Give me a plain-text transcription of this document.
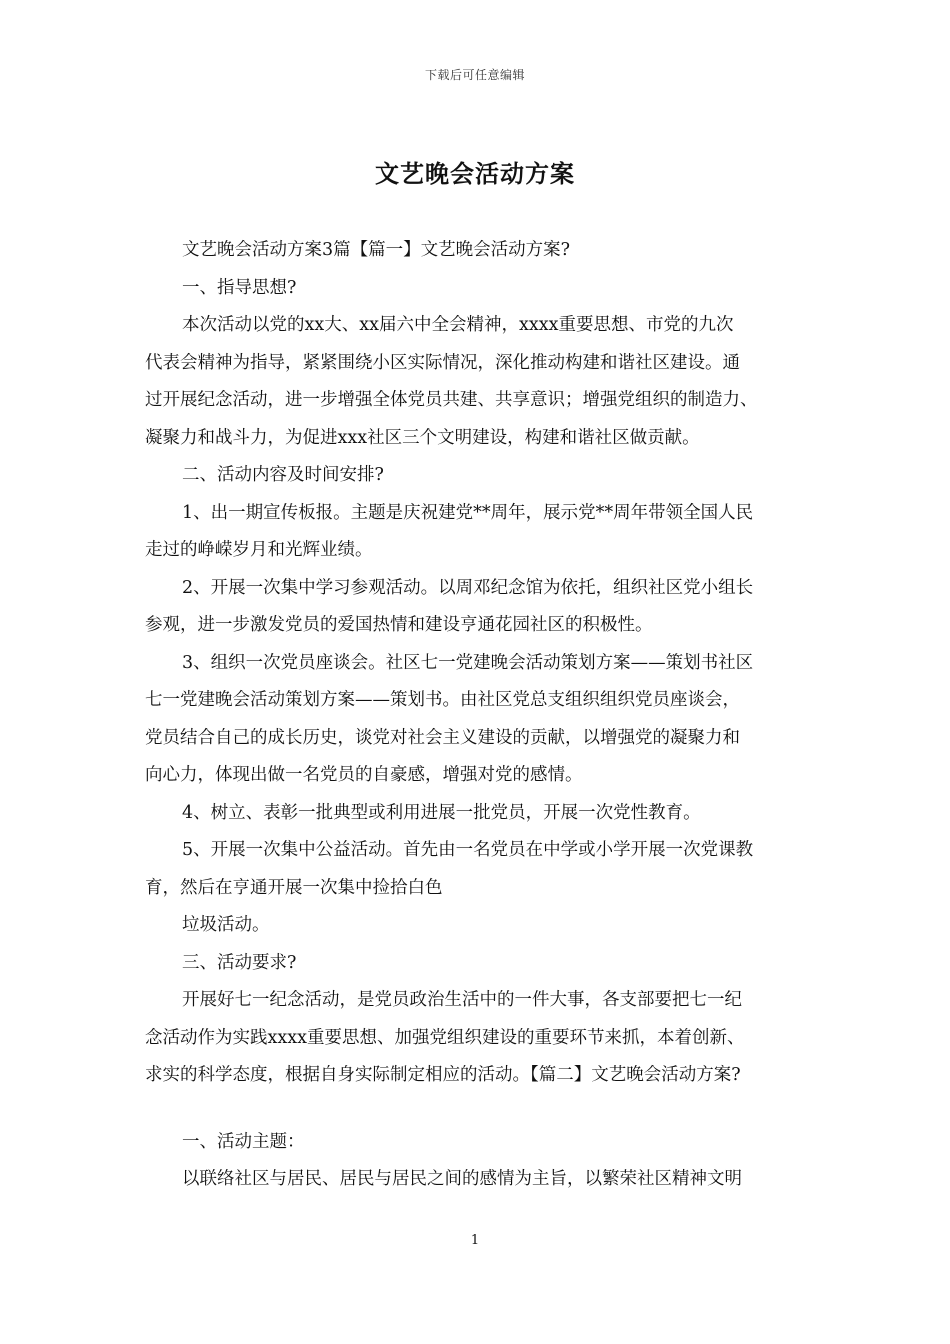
下载后可任意编辑
文艺晚会活动方案
文艺晚会活动方案3篇【篇一】文艺晚会活动方案?
一、指导思想?
本次活动以党的xx大、xx届六中全会精神，xxxx重要思想、市党的九次
代表会精神为指导，紧紧围绕小区实际情况，深化推动构建和谐社区建设。通
过开展纪念活动，进一步增强全体党员共建、共享意识；增强党组织的制造力、
凝聚力和战斗力，为促进xxx社区三个文明建设，构建和谐社区做贡献。
二、活动内容及时间安排?
1、出一期宣传板报。主题是庆祝建党**周年，展示党**周年带领全国人民
走过的峥嵘岁月和光辉业绩。
2、开展一次集中学习参观活动。以周邓纪念馆为依托，组织社区党小组长
参观，进一步激发党员的爱国热情和建设亨通花园社区的积极性。
3、组织一次党员座谈会。社区七一党建晚会活动策划方案——策划书社区
七一党建晚会活动策划方案——策划书。由社区党总支组织组织党员座谈会，
党员结合自己的成长历史，谈党对社会主义建设的贡献，以增强党的凝聚力和
向心力，体现出做一名党员的自豪感，增强对党的感情。
4、树立、表彰一批典型或利用进展一批党员，开展一次党性教育。
5、开展一次集中公益活动。首先由一名党员在中学或小学开展一次党课教
育，然后在亨通开展一次集中捡拾白色
垃圾活动。
三、活动要求?
开展好七一纪念活动，是党员政治生活中的一件大事，各支部要把七一纪
念活动作为实践xxxx重要思想、加强党组织建设的重要环节来抓，本着创新、
求实的科学态度，根据自身实际制定相应的活动。【篇二】文艺晚会活动方案?
一、活动主题：
以联络社区与居民、居民与居民之间的感情为主旨，以繁荣社区精神文明
1
